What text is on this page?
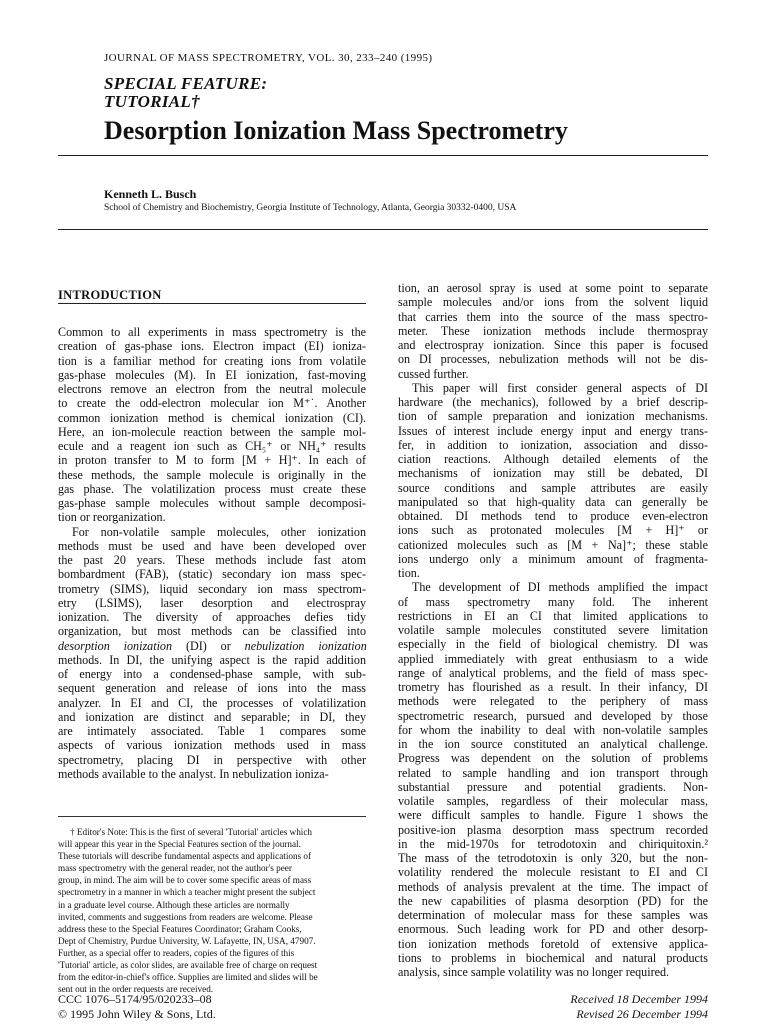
JOURNAL OF MASS SPECTROMETRY, VOL. 30, 233–240 (1995)
SPECIAL FEATURE:
TUTORIAL†
Desorption Ionization Mass Spectrometry
Kenneth L. Busch
School of Chemistry and Biochemistry, Georgia Institute of Technology, Atlanta, Georgia 30332-0400, USA
INTRODUCTION
Common to all experiments in mass spectrometry is the
creation of gas-phase ions. Electron impact (EI) ioniza-
tion is a familiar method for creating ions from volatile
gas-phase molecules (M). In EI ionization, fast-moving
electrons remove an electron from the neutral molecule
to create the odd-electron molecular ion M⁺˙. Another
common ionization method is chemical ionization (CI).
Here, an ion-molecule reaction between the sample mol-
ecule and a reagent ion such as CH₅⁺ or NH₄⁺ results
in proton transfer to M to form [M + H]⁺. In each of
these methods, the sample molecule is originally in the
gas phase. The volatilization process must create these
gas-phase sample molecules without sample decomposi-
tion or reorganization.
For non-volatile sample molecules, other ionization
methods must be used and have been developed over
the past 20 years. These methods include fast atom
bombardment (FAB), (static) secondary ion mass spec-
trometry (SIMS), liquid secondary ion mass spectrom-
etry (LSIMS), laser desorption and electrospray
ionization. The diversity of approaches defies tidy
organization, but most methods can be classified into
desorption ionization (DI) or nebulization ionization
methods. In DI, the unifying aspect is the rapid addition
of energy into a condensed-phase sample, with sub-
sequent generation and release of ions into the mass
analyzer. In EI and CI, the processes of volatilization
and ionization are distinct and separable; in DI, they
are intimately associated. Table 1 compares some
aspects of various ionization methods used in mass
spectrometry, placing DI in perspective with other
methods available to the analyst. In nebulization ioniza-
tion, an aerosol spray is used at some point to separate
sample molecules and/or ions from the solvent liquid
that carries them into the source of the mass spectro-
meter. These ionization methods include thermospray
and electrospray ionization. Since this paper is focused
on DI processes, nebulization methods will not be dis-
cussed further.
This paper will first consider general aspects of DI
hardware (the mechanics), followed by a brief descrip-
tion of sample preparation and ionization mechanisms.
Issues of interest include energy input and energy trans-
fer, in addition to ionization, association and disso-
ciation reactions. Although detailed elements of the
mechanisms of ionization may still be debated, DI
source conditions and sample attributes are easily
manipulated so that high-quality data can generally be
obtained. DI methods tend to produce even-electron
ions such as protonated molecules [M + H]⁺ or
cationized molecules such as [M + Na]⁺; these stable
ions undergo only a minimum amount of fragmenta-
tion.
The development of DI methods amplified the impact
of mass spectrometry many fold. The inherent
restrictions in EI an CI that limited applications to
volatile sample molecules constituted severe limitation
especially in the field of biological chemistry. DI was
applied immediately with great enthusiasm to a wide
range of analytical problems, and the field of mass spec-
trometry has flourished as a result. In their infancy, DI
methods were relegated to the periphery of mass
spectrometric research, pursued and developed by those
for whom the inability to deal with non-volatile samples
in the ion source constituted an analytical challenge.
Progress was dependent on the solution of problems
related to sample handling and ion transport through
substantial pressure and potential gradients. Non-
volatile samples, regardless of their molecular mass,
were difficult samples to handle. Figure 1 shows the
positive-ion plasma desorption mass spectrum recorded
in the mid-1970s for tetrodotoxin and chiriquitoxin.²
The mass of the tetrodotoxin is only 320, but the non-
volatility rendered the molecule resistant to EI and CI
methods of analysis prevalent at the time. The impact of
the new capabilities of plasma desorption (PD) for the
determination of molecular mass for these samples was
enormous. Such leading work for PD and other desorp-
tion ionization methods foretold of extensive applica-
tions to problems in biochemical and natural products
analysis, since sample volatility was no longer required.
† Editor's Note: This is the first of several 'Tutorial' articles which
will appear this year in the Special Features section of the journal.
These tutorials will describe fundamental aspects and applications of
mass spectrometry with the general reader, not the author's peer
group, in mind. The aim will be to cover some specific areas of mass
spectrometry in a manner in which a teacher might present the subject
in a graduate level course. Although these articles are normally
invited, comments and suggestions from readers are welcome. Please
address these to the Special Features Coordinator; Graham Cooks,
Dept of Chemistry, Purdue University, W. Lafayette, IN, USA, 47907.
Further, as a special offer to readers, copies of the figures of this
'Tutorial' article, as color slides, are available free of charge on request
from the editor-in-chief's office. Supplies are limited and slides will be
sent out in the order requests are received.
CCC 1076–5174/95/020233–08
© 1995 John Wiley & Sons, Ltd.
Received 18 December 1994
Revised 26 December 1994
